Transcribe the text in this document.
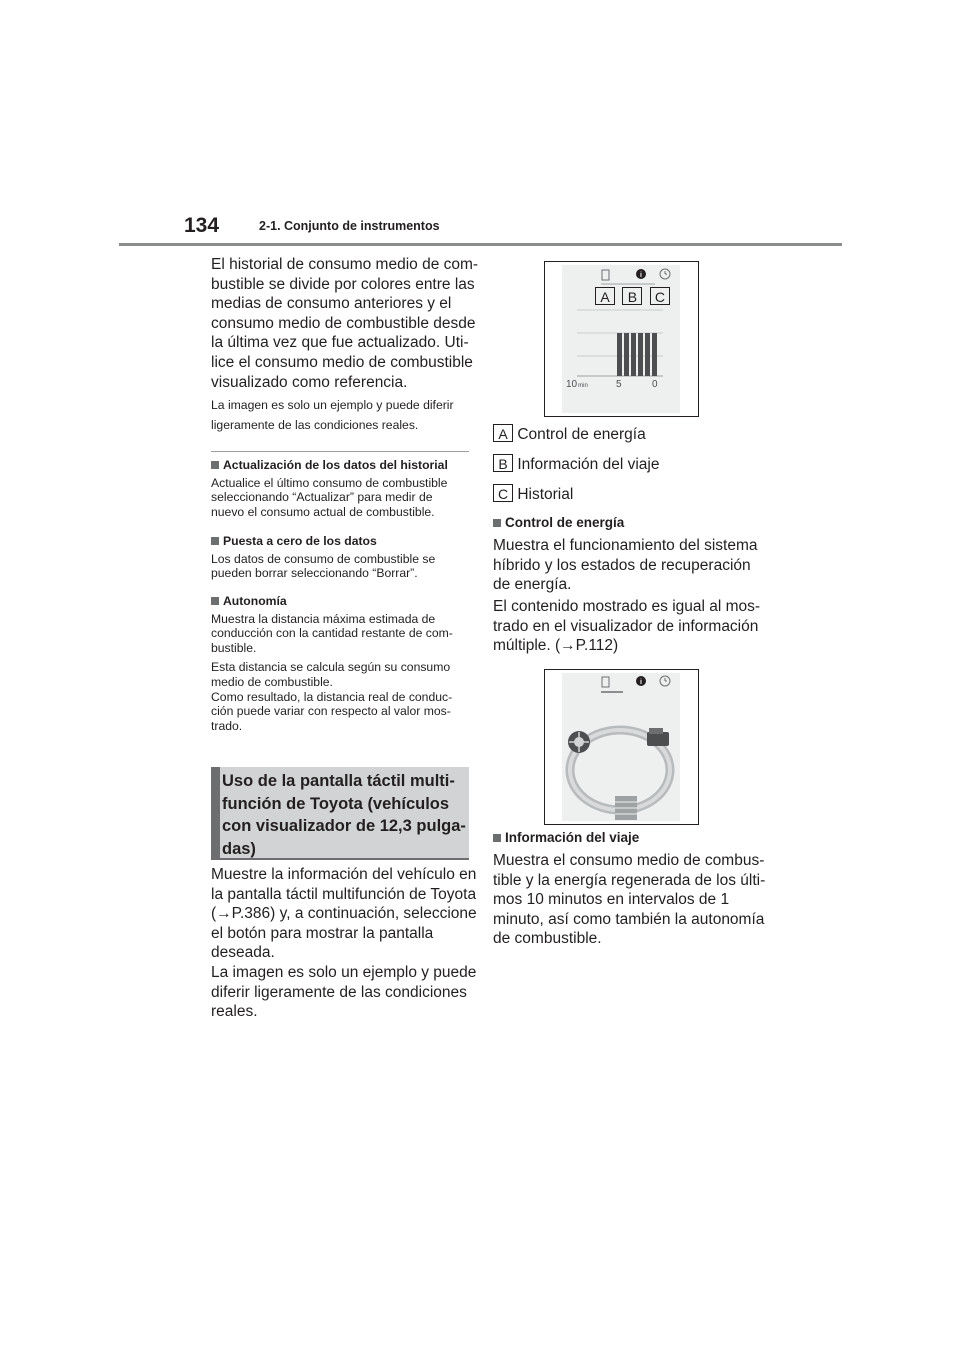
134	2-1. Conjunto de instrumentos
El historial de consumo medio de com-
bustible se divide por colores entre las
medias de consumo anteriores y el
consumo medio de combustible desde
la última vez que fue actualizado. Uti-
lice el consumo medio de combustible
visualizado como referencia.
La imagen es solo un ejemplo y puede diferir
ligeramente de las condiciones reales.
Actualización de los datos del historial
Actualice el último consumo de combustible
seleccionando “Actualizar” para medir de
nuevo el consumo actual de combustible.
Puesta a cero de los datos
Los datos de consumo de combustible se
pueden borrar seleccionando “Borrar”.
Autonomía
Muestra la distancia máxima estimada de
conducción con la cantidad restante de com-
bustible.
Esta distancia se calcula según su consumo
medio de combustible.
Como resultado, la distancia real de conduc-
ción puede variar con respecto al valor mos-
trado.
Uso de la pantalla táctil multi-
función de Toyota (vehículos
con visualizador de 12,3 pulga-
das)
Muestre la información del vehículo en
la pantalla táctil multifunción de Toyota
(→P.386) y, a continuación, seleccione
el botón para mostrar la pantalla
deseada.
La imagen es solo un ejemplo y puede
diferir ligeramente de las condiciones
reales.
i
A B C
10min	5	0
A Control de energía
B Información del viaje
C Historial
Control de energía
Muestra el funcionamiento del sistema
híbrido y los estados de recuperación
de energía.
El contenido mostrado es igual al mos-
trado en el visualizador de información
múltiple. (→P.112)
i
Información del viaje
Muestra el consumo medio de combus-
tible y la energía regenerada de los últi-
mos 10 minutos en intervalos de 1
minuto, así como también la autonomía
de combustible.
